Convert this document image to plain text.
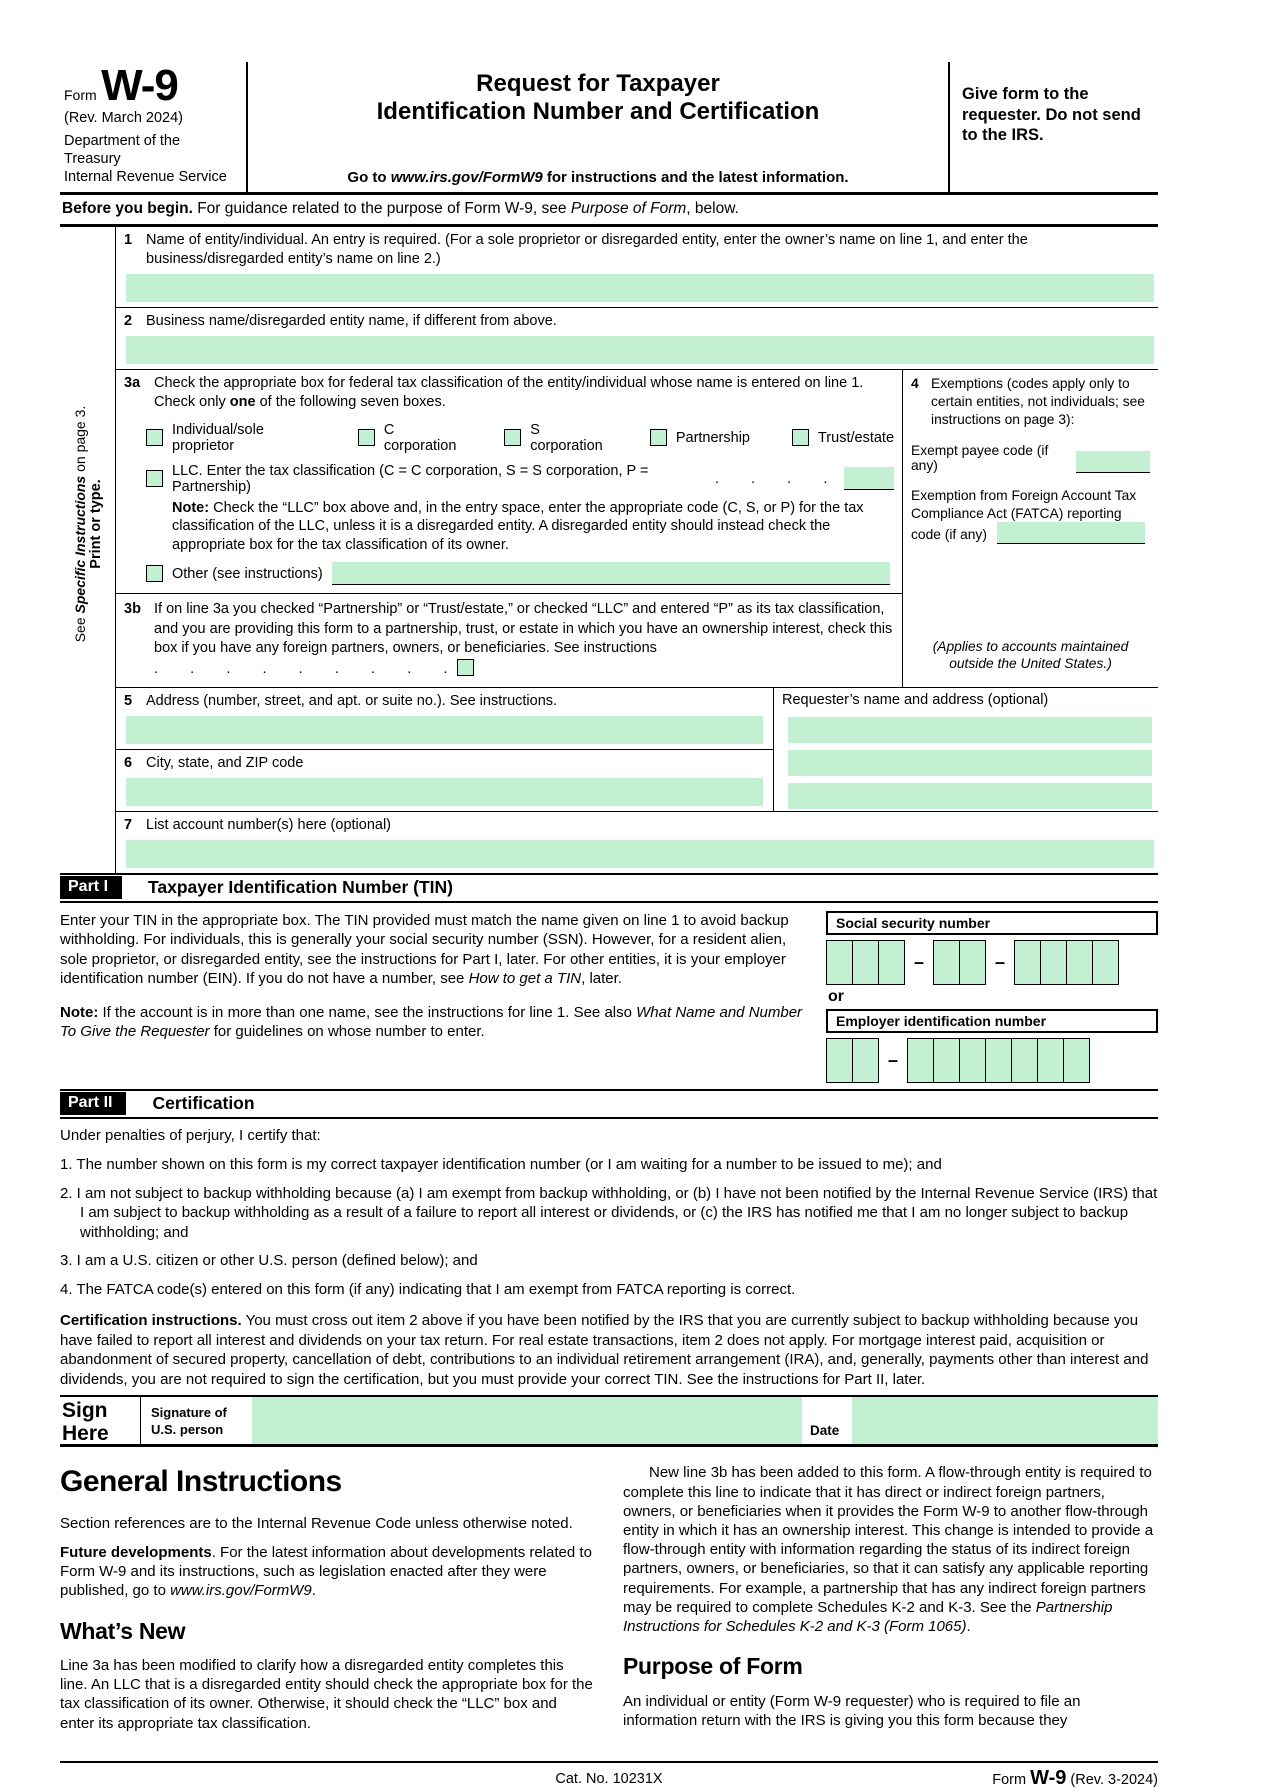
Form W-9
(Rev. March 2024)
Department of the Treasury
Internal Revenue Service
Request for Taxpayer
Identification Number and Certification
Go to www.irs.gov/FormW9 for instructions and the latest information.
Give form to the requester. Do not send to the IRS.
Before you begin. For guidance related to the purpose of Form W-9, see Purpose of Form, below.
See Specific Instructions on page 3.
Print or type.
1 Name of entity/individual. An entry is required. (For a sole proprietor or disregarded entity, enter the owner’s name on line 1, and enter the business/disregarded entity’s name on line 2.)
2 Business name/disregarded entity name, if different from above.
3a Check the appropriate box for federal tax classification of the entity/individual whose name is entered on line 1. Check only one of the following seven boxes.
Individual/sole proprietor
C corporation
S corporation	Partnership	Trust/estate
LLC. Enter the tax classification (C = C corporation, S = S corporation, P = Partnership)	.     .     .     .
Note: Check the “LLC” box above and, in the entry space, enter the appropriate code (C, S, or P) for the tax classification of the LLC, unless it is a disregarded entity. A disregarded entity should instead check the appropriate box for the tax classification of its owner.
Other (see instructions)
3b If on line 3a you checked “Partnership” or “Trust/estate,” or checked “LLC” and entered “P” as its tax classification, and you are providing this form to a partnership, trust, or estate in which you have an ownership interest, check this box if you have any foreign partners, owners, or beneficiaries. See instructions .     .     .     .     .     .     .     .     .
4 Exemptions (codes apply only to certain entities, not individuals; see instructions on page 3):
Exempt payee code (if any)
Exemption from Foreign Account Tax Compliance Act (FATCA) reporting code (if any)
(Applies to accounts maintained outside the United States.)
5 Address (number, street, and apt. or suite no.). See instructions.
6 City, state, and ZIP code
Requester’s name and address (optional)
7 List account number(s) here (optional)
Part I	Taxpayer Identification Number (TIN)

Enter your TIN in the appropriate box. The TIN provided must match the name given on line 1 to avoid backup withholding. For individuals, this is generally your social security number (SSN). However, for a resident alien, sole proprietor, or disregarded entity, see the instructions for Part I, later. For other entities, it is your employer identification number (EIN). If you do not have a number, see How to get a TIN, later.

Note: If the account is in more than one name, see the instructions for line 1. See also What Name and Number To Give the Requester for guidelines on whose number to enter.

Social security number
–	–
or
Employer identification number
–
Part II	Certification
Under penalties of perjury, I certify that:
1. The number shown on this form is my correct taxpayer identification number (or I am waiting for a number to be issued to me); and
2. I am not subject to backup withholding because (a) I am exempt from backup withholding, or (b) I have not been notified by the Internal Revenue Service (IRS) that I am subject to backup withholding as a result of a failure to report all interest or dividends, or (c) the IRS has notified me that I am no longer subject to backup withholding; and
3. I am a U.S. citizen or other U.S. person (defined below); and
4. The FATCA code(s) entered on this form (if any) indicating that I am exempt from FATCA reporting is correct.
Certification instructions. You must cross out item 2 above if you have been notified by the IRS that you are currently subject to backup withholding because you have failed to report all interest and dividends on your tax return. For real estate transactions, item 2 does not apply. For mortgage interest paid, acquisition or abandonment of secured property, cancellation of debt, contributions to an individual retirement arrangement (IRA), and, generally, payments other than interest and dividends, you are not required to sign the certification, but you must provide your correct TIN. See the instructions for Part II, later.
Sign
Here
Signature of
U.S. person	Date
General Instructions

Section references are to the Internal Revenue Code unless otherwise noted.

Future developments. For the latest information about developments related to Form W-9 and its instructions, such as legislation enacted after they were published, go to www.irs.gov/FormW9.

What’s New

Line 3a has been modified to clarify how a disregarded entity completes this line. An LLC that is a disregarded entity should check the appropriate box for the tax classification of its owner. Otherwise, it should check the “LLC” box and enter its appropriate tax classification.

New line 3b has been added to this form. A flow-through entity is required to complete this line to indicate that it has direct or indirect foreign partners, owners, or beneficiaries when it provides the Form W-9 to another flow-through entity in which it has an ownership interest. This change is intended to provide a flow-through entity with information regarding the status of its indirect foreign partners, owners, or beneficiaries, so that it can satisfy any applicable reporting requirements. For example, a partnership that has any indirect foreign partners may be required to complete Schedules K-2 and K-3. See the Partnership Instructions for Schedules K-2 and K-3 (Form 1065).

Purpose of Form

An individual or entity (Form W-9 requester) who is required to file an information return with the IRS is giving you this form because they

Cat. No. 10231X	Form W-9 (Rev. 3-2024)
